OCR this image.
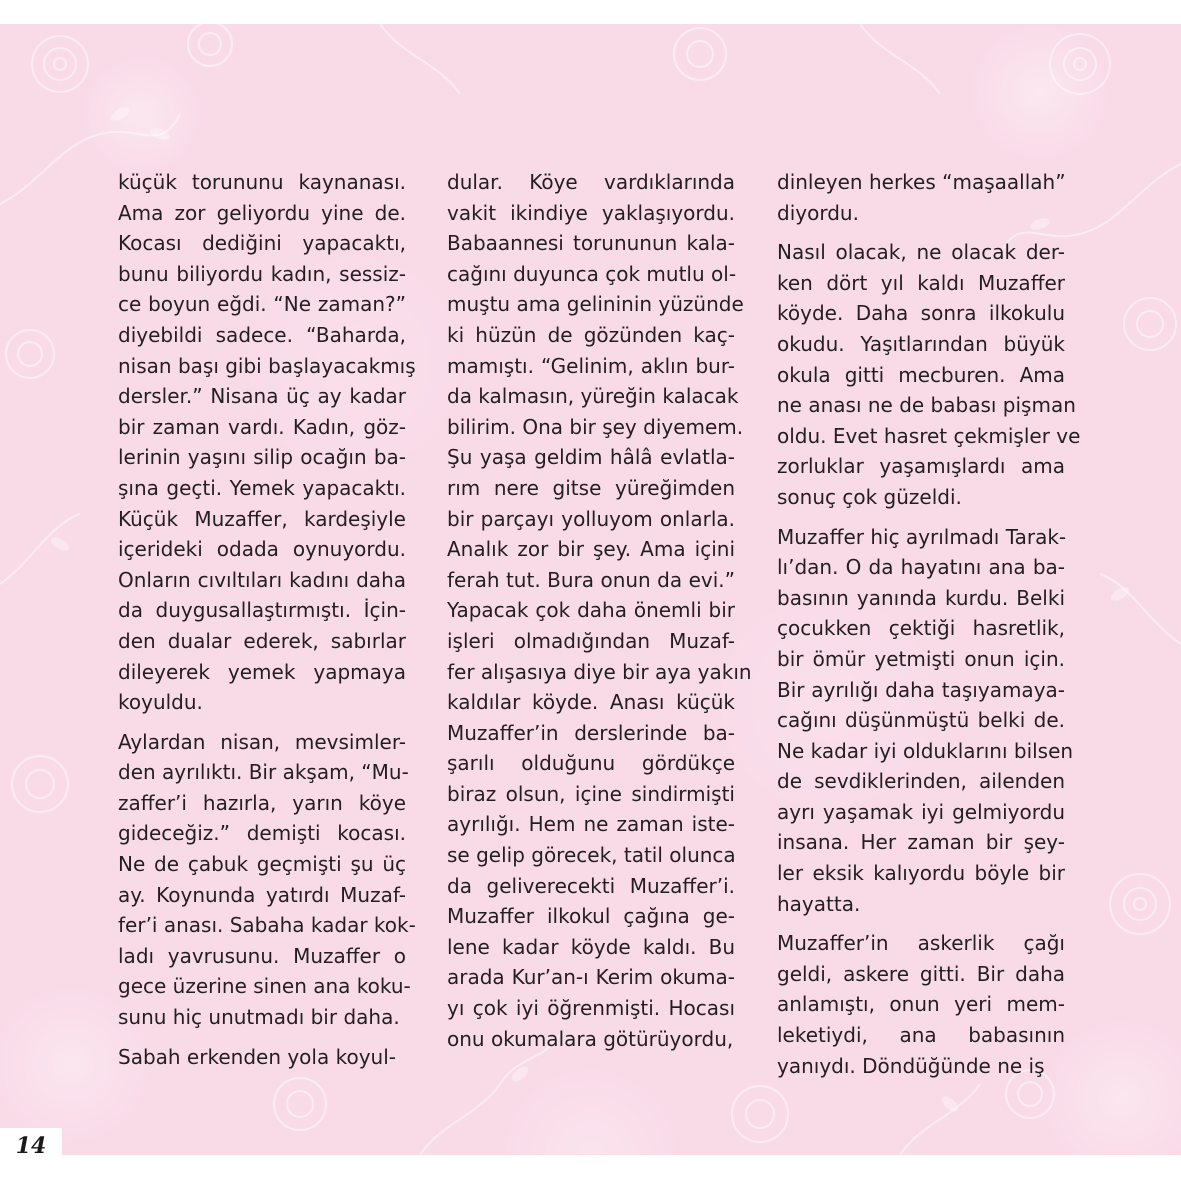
küçük torununu kaynanası.
Ama zor geliyordu yine de.
Kocası dediğini yapacaktı,
bunu biliyordu kadın, sessiz-
ce boyun eğdi. “Ne zaman?”
diyebildi sadece. “Baharda,
nisan başı gibi başlayacakmış
dersler.” Nisana üç ay kadar
bir zaman vardı. Kadın, göz-
lerinin yaşını silip ocağın ba-
şına geçti. Yemek yapacaktı.
Küçük Muzaffer, kardeşiyle
içerideki odada oynuyordu.
Onların cıvıltıları kadını daha
da duygusallaştırmıştı. İçin-
den dualar ederek, sabırlar
dileyerek yemek yapmaya
koyuldu.

Aylardan nisan, mevsimler-
den ayrılıktı. Bir akşam, “Mu-
zaffer’i hazırla, yarın köye
gideceğiz.” demişti kocası.
Ne de çabuk geçmişti şu üç
ay. Koynunda yatırdı Muzaf-
fer’i anası. Sabaha kadar kok-
ladı yavrusunu. Muzaffer o
gece üzerine sinen ana koku-
sunu hiç unutmadı bir daha.

Sabah erkenden yola koyul-

dular. Köye vardıklarında
vakit ikindiye yaklaşıyordu.
Babaannesi torununun kala-
cağını duyunca çok mutlu ol-
muştu ama gelininin yüzünde
ki hüzün de gözünden kaç-
mamıştı. “Gelinim, aklın bur-
da kalmasın, yüreğin kalacak
bilirim. Ona bir şey diyemem.
Şu yaşa geldim hâlâ evlatla-
rım nere gitse yüreğimden
bir parçayı yolluyom onlarla.
Analık zor bir şey. Ama içini
ferah tut. Bura onun da evi.”
Yapacak çok daha önemli bir
işleri olmadığından Muzaf-
fer alışasıya diye bir aya yakın
kaldılar köyde. Anası küçük
Muzaffer’in derslerinde ba-
şarılı olduğunu gördükçe
biraz olsun, içine sindirmişti
ayrılığı. Hem ne zaman iste-
se gelip görecek, tatil olunca
da geliverecekti Muzaffer’i.
Muzaffer ilkokul çağına ge-
lene kadar köyde kaldı. Bu
arada Kur’an-ı Kerim okuma-
yı çok iyi öğrenmişti. Hocası
onu okumalara götürüyordu,

dinleyen herkes “maşaallah”
diyordu.

Nasıl olacak, ne olacak der-
ken dört yıl kaldı Muzaffer
köyde. Daha sonra ilkokulu
okudu. Yaşıtlarından büyük
okula gitti mecburen. Ama
ne anası ne de babası pişman
oldu. Evet hasret çekmişler ve
zorluklar yaşamışlardı ama
sonuç çok güzeldi.

Muzaffer hiç ayrılmadı Tarak-
lı’dan. O da hayatını ana ba-
basının yanında kurdu. Belki
çocukken çektiği hasretlik,
bir ömür yetmişti onun için.
Bir ayrılığı daha taşıyamaya-
cağını düşünmüştü belki de.
Ne kadar iyi olduklarını bilsen
de sevdiklerinden, ailenden
ayrı yaşamak iyi gelmiyordu
insana. Her zaman bir şey-
ler eksik kalıyordu böyle bir
hayatta.

Muzaffer’in askerlik çağı
geldi, askere gitti. Bir daha
anlamıştı, onun yeri mem-
leketiydi, ana babasının
yanıydı. Döndüğünde ne iş

14
